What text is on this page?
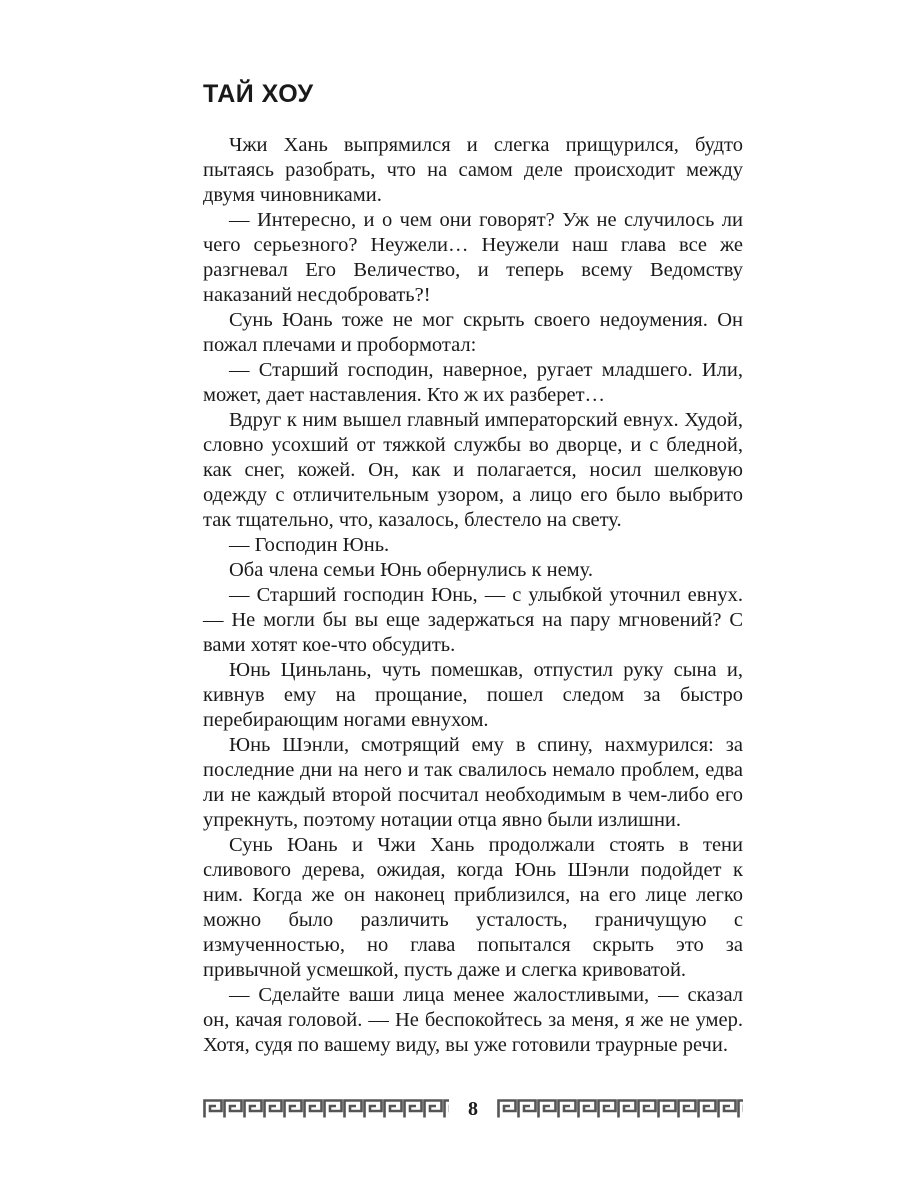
ТАЙ ХОУ

Чжи Хань выпрямился и слегка прищурился, будто пытаясь разобрать, что на самом деле происходит между двумя чиновниками.

— Интересно, и о чем они говорят? Уж не случилось ли чего серьезного? Неужели… Неужели наш глава все же разгневал Его Величество, и теперь всему Ведомству наказаний несдобровать?!

Сунь Юань тоже не мог скрыть своего недоумения. Он пожал плечами и пробормотал:

— Старший господин, наверное, ругает младшего. Или, может, дает наставления. Кто ж их разберет…

Вдруг к ним вышел главный императорский евнух. Худой, словно усохший от тяжкой службы во дворце, и с бледной, как снег, кожей. Он, как и полагается, носил шелковую одежду с отличительным узором, а лицо его было выбрито так тщательно, что, казалось, блестело на свету.

— Господин Юнь.

Оба члена семьи Юнь обернулись к нему.

— Старший господин Юнь, — с улыбкой уточнил евнух. — Не могли бы вы еще задержаться на пару мгновений? С вами хотят кое-что обсудить.

Юнь Циньлань, чуть помешкав, отпустил руку сына и, кивнув ему на прощание, пошел следом за быстро перебирающим ногами евнухом.

Юнь Шэнли, смотрящий ему в спину, нахмурился: за последние дни на него и так свалилось немало проблем, едва ли не каждый второй посчитал необходимым в чем-либо его упрекнуть, поэтому нотации отца явно были излишни.

Сунь Юань и Чжи Хань продолжали стоять в тени сливового дерева, ожидая, когда Юнь Шэнли подойдет к ним. Когда же он наконец приблизился, на его лице легко можно было различить усталость, граничущую с измученностью, но глава попытался скрыть это за привычной усмешкой, пусть даже и слегка кривоватой.

— Сделайте ваши лица менее жалостливыми, — сказал он, качая головой. — Не беспокойтесь за меня, я же не умер. Хотя, судя по вашему виду, вы уже готовили траурные речи.

8
